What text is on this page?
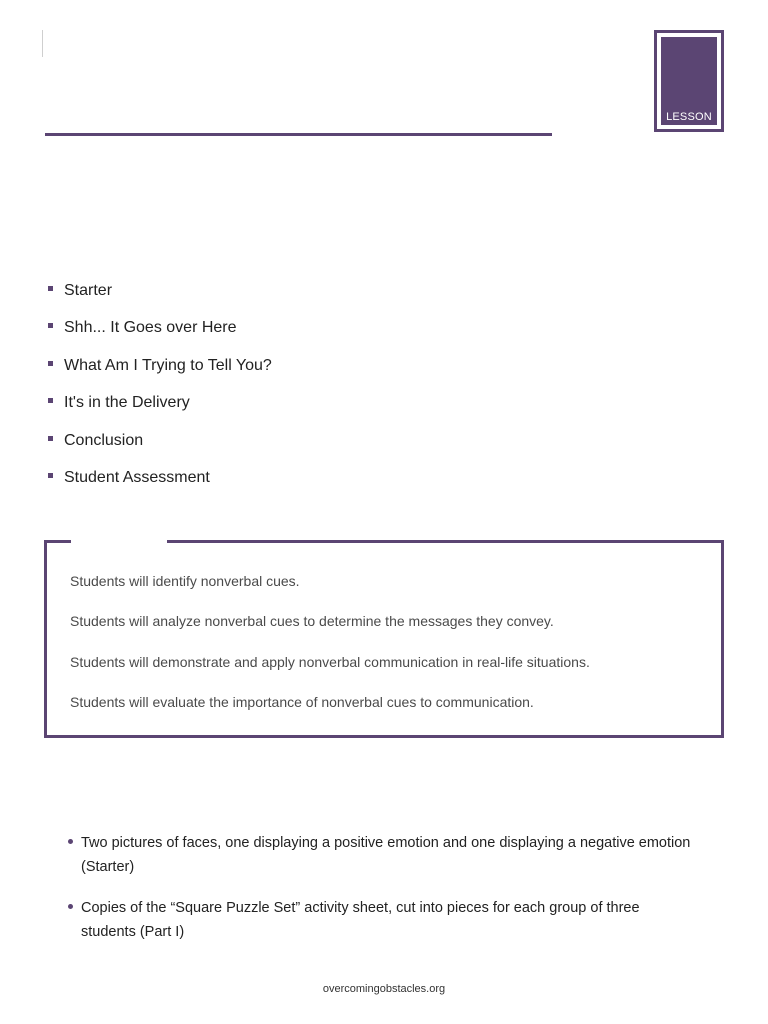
LESSON
Starter
Shh... It Goes over Here
What Am I Trying to Tell You?
It's in the Delivery
Conclusion
Student Assessment
Students will identify nonverbal cues.
Students will analyze nonverbal cues to determine the messages they convey.
Students will demonstrate and apply nonverbal communication in real-life situations.
Students will evaluate the importance of nonverbal cues to communication.
Two pictures of faces, one displaying a positive emotion and one displaying a negative emotion (Starter)
Copies of the “Square Puzzle Set” activity sheet, cut into pieces for each group of three students (Part I)
overcomingobstacles.org
